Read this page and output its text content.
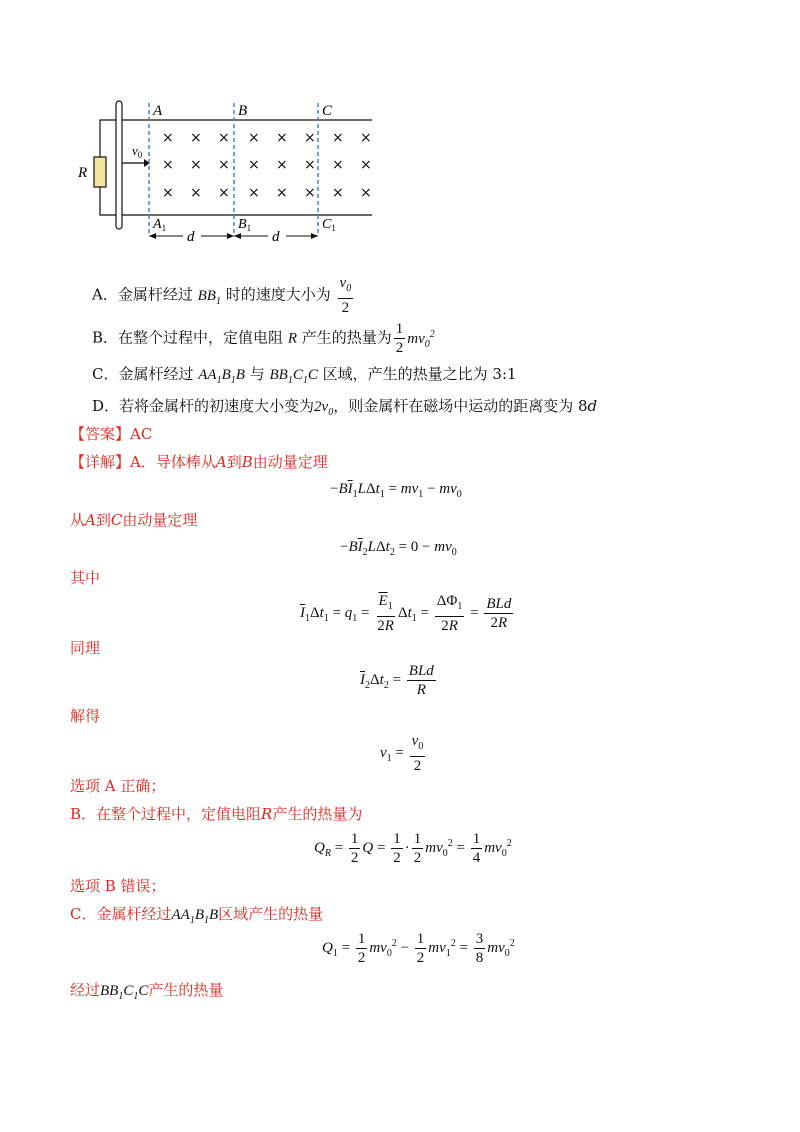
× × × × × × × ×
× × × × × × × ×
× × × × × × × ×
R
$v_0$
A	B	C
$A_1$	$B_1$	$C_1$
d	d
A．金属杆经过 $BB_1$ 时的速度大小为 $\frac{v_0}{2}$
B．在整个过程中，定值电阻 R 产生的热量为 $\frac{1}{2} mv_0^2$
C．金属杆经过 $AA_1B_1B$ 与 $BB_1C_1C$ 区域，产生的热量之比为 3:1
D．若将金属杆的初速度大小变为$2v_0$，则金属杆在磁场中运动的距离变为 8d
【答案】AC
【详解】A．导体棒从A到B由动量定理
$-B\overline{I}_1L\Delta t_1 = mv_1 - mv_0$
从A到C由动量定理
$-B\overline{I}_2L\Delta t_2 = 0 - mv_0$
其中
$\overline{I}_1\Delta t_1 = q_1 = \frac{\overline{E}_1}{2R} \Delta t_1 = \frac{\Delta\Phi_1}{2R} = \frac{\text{BLd}}{2R}$
同理
$\overline{I}_2\Delta t_2 = \frac{\text{BLd}}{R}$
解得
$v_1 = \frac{v_0}{2}$
选项 A 正确；
B．在整个过程中，定值电阻R产生的热量为
$Q_R = \frac{1}{2}$ $Q = \frac{1}{2} \cdot \frac{1}{2} mv_0^2 = \frac{1}{4} mv_0^2$
选项 B 错误；
C．金属杆经过$AA_1B_1B$区域产生的热量
$Q_1 = \frac{1}{2} mv_0^2 - \frac{1}{2} mv_1^2 = \frac{3}{8} mv_0^2$
经过$BB_1C_1C$产生的热量
